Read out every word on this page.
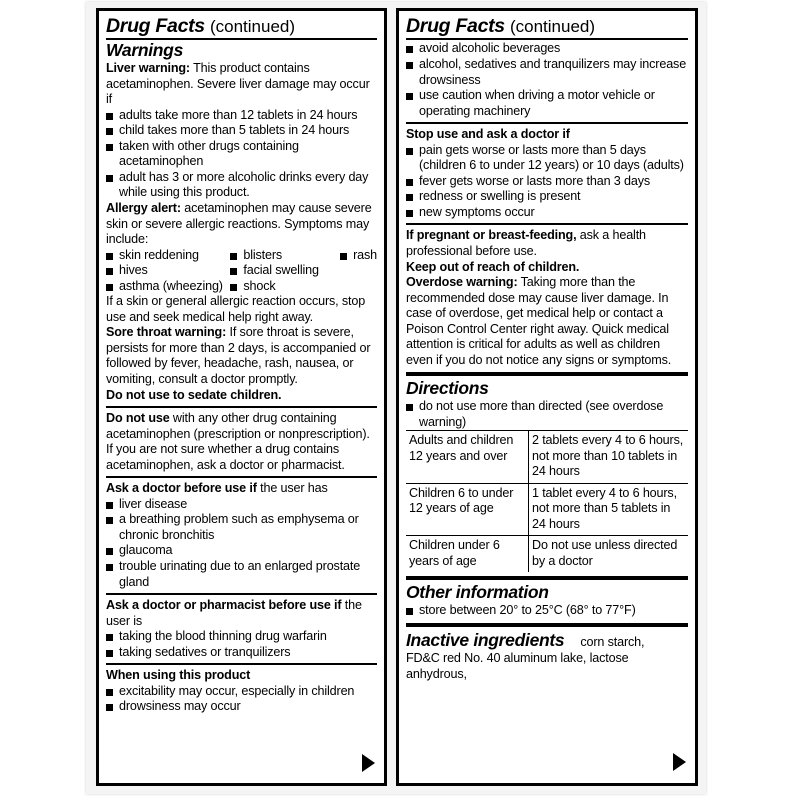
Drug Facts (continued)
Warnings

Liver warning: This product contains acetaminophen. Severe liver damage may occur if

adults take more than 12 tablets in 24 hours
child takes more than 5 tablets in 24 hours
taken with other drugs containing acetaminophen
adult has 3 or more alcoholic drinks every day while using this product.

Allergy alert: acetaminophen may cause severe skin or severe allergic reactions. Symptoms may include:

skin reddening
hives
asthma (wheezing)
blisters
facial swelling
shock
rash
If a skin or general allergic reaction occurs, stop use and seek medical help right away.

Sore throat warning: If sore throat is severe, persists for more than 2 days, is accompanied or followed by fever, headache, rash, nausea, or vomiting, consult a doctor promptly.

Do not use to sedate children.

Do not use with any other drug containing acetaminophen (prescription or nonprescription). If you are not sure whether a drug contains acetaminophen, ask a doctor or pharmacist.

Ask a doctor before use if the user has

liver disease
a breathing problem such as emphysema or chronic bronchitis
glaucoma
trouble urinating due to an enlarged prostate gland

Ask a doctor or pharmacist before use if the user is

taking the blood thinning drug warfarin
taking sedatives or tranquilizers

When using this product

excitability may occur, especially in children
drowsiness may occur
Drug Facts (continued)
avoid alcoholic beverages
alcohol, sedatives and tranquilizers may increase drowsiness
use caution when driving a motor vehicle or operating machinery

Stop use and ask a doctor if

pain gets worse or lasts more than 5 days (children 6 to under 12 years) or 10 days (adults)
fever gets worse or lasts more than 3 days
redness or swelling is present
new symptoms occur

If pregnant or breast-feeding, ask a health professional before use.

Keep out of reach of children.

Overdose warning: Taking more than the recommended dose may cause liver damage. In case of overdose, get medical help or contact a Poison Control Center right away. Quick medical attention is critical for adults as well as children even if you do not notice any signs or symptoms.

Directions
do not use more than directed (see overdose warning)
Adults and children 12 years and over	2 tablets every 4 to 6 hours, not more than 10 tablets in 24 hours
Children 6 to under 12 years of age	1 tablet every 4 to 6 hours, not more than 5 tablets in 24 hours
Children under 6 years of age	Do not use unless directed by a doctor
Other information
store between 20° to 25°C (68° to 77°F)
Inactive ingredients corn starch, FD&C red No. 40 aluminum lake, lactose anhydrous,
